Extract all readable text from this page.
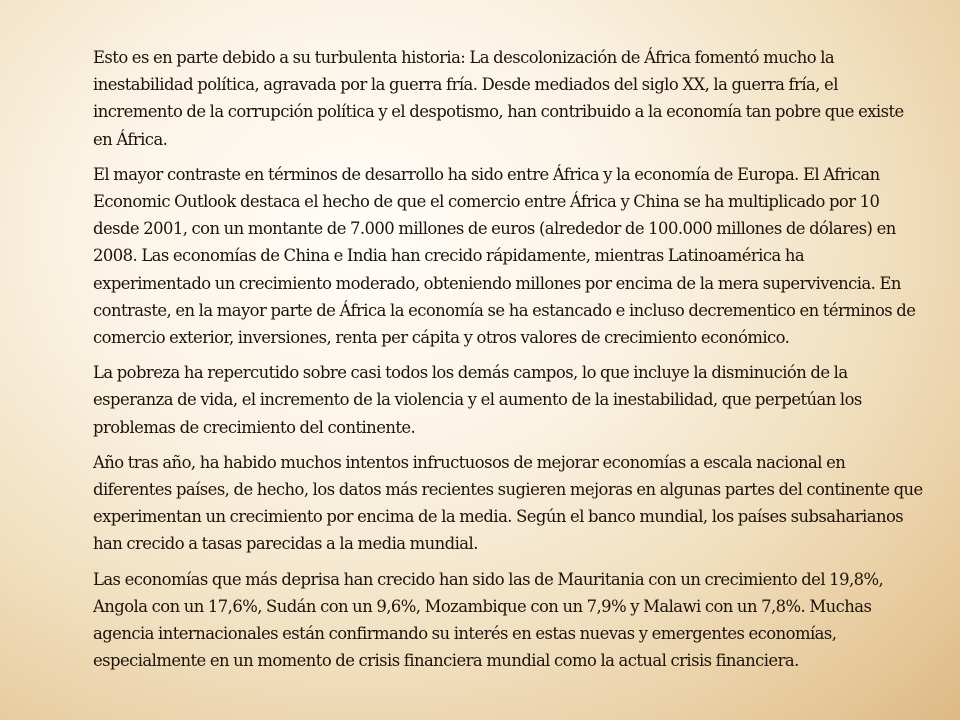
Esto es en parte debido a su turbulenta historia: La descolonización de África fomentó mucho la inestabilidad política, agravada por la guerra fría. Desde mediados del siglo XX, la guerra fría, el incremento de la corrupción política y el despotismo, han contribuido a la economía tan pobre que existe en África.

El mayor contraste en términos de desarrollo ha sido entre África y la economía de Europa. El African Economic Outlook destaca el hecho de que el comercio entre África y China se ha multiplicado por 10 desde 2001, con un montante de 7.000 millones de euros (alrededor de 100.000 millones de dólares) en 2008. Las economías de China e India han crecido rápidamente, mientras Latinoamérica ha experimentado un crecimiento moderado, obteniendo millones por encima de la mera supervivencia. En contraste, en la mayor parte de África la economía se ha estancado e incluso decrementico en términos de comercio exterior, inversiones, renta per cápita y otros valores de crecimiento económico.

La pobreza ha repercutido sobre casi todos los demás campos, lo que incluye la disminución de la esperanza de vida, el incremento de la violencia y el aumento de la inestabilidad, que perpetúan los problemas de crecimiento del continente.

Año tras año, ha habido muchos intentos infructuosos de mejorar economías a escala nacional en diferentes países, de hecho, los datos más recientes sugieren mejoras en algunas partes del continente que experimentan un crecimiento por encima de la media. Según el banco mundial, los países subsaharianos han crecido a tasas parecidas a la media mundial.

Las economías que más deprisa han crecido han sido las de Mauritania con un crecimiento del 19,8%, Angola con un 17,6%, Sudán con un 9,6%, Mozambique con un 7,9% y Malawi con un 7,8%. Muchas agencia internacionales están confirmando su interés en estas nuevas y emergentes economías, especialmente en un momento de crisis financiera mundial como la actual crisis financiera.
